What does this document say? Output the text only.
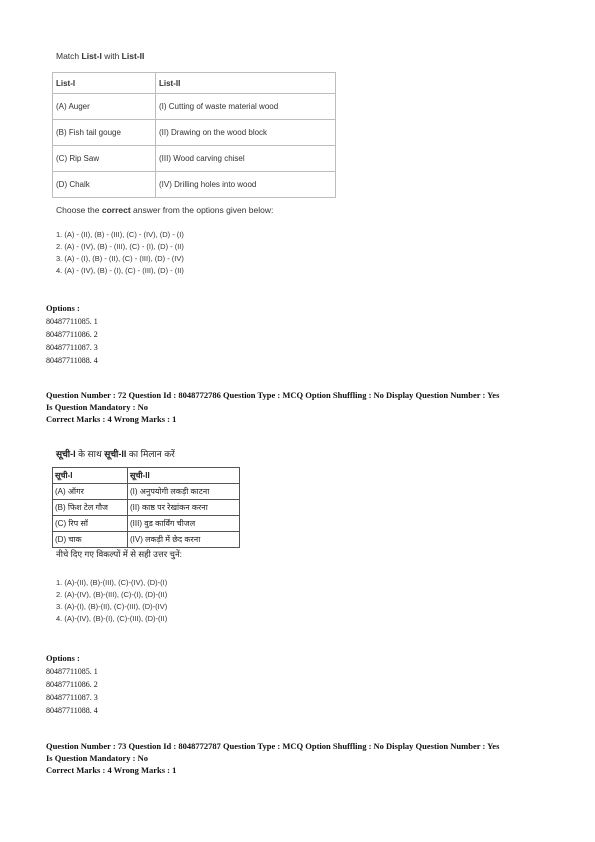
Match List-I with List-II
List-I	List-II
(A) Auger	(I) Cutting of waste material wood
(B) Fish tail gouge	(II) Drawing on the wood block
(C) Rip Saw	(III) Wood carving chisel
(D) Chalk	(IV) Drilling holes into wood
Choose the correct answer from the options given below:
1. (A) - (II), (B) - (III), (C) - (IV), (D) - (I)
2. (A) - (IV), (B) - (III), (C) - (I), (D) - (II)
3. (A) - (I), (B) - (II), (C) - (III), (D) - (IV)
4. (A) - (IV), (B) - (I), (C) - (III), (D) - (II)
Options :
80487711085. 1
80487711086. 2
80487711087. 3
80487711088. 4
Question Number : 72 Question Id : 8048772786 Question Type : MCQ Option Shuffling : No Display Question Number : Yes
Is Question Mandatory : No
Correct Marks : 4 Wrong Marks : 1
सूची-I के साथ सूची-II का मिलान करें
सूची-I	सूची-II
(A) ऑगर	(I) अनुपयोगी लकड़ी काटना
(B) फिश टेल गौज	(II) काष्ठ पर रेखांकन करना
(C) रिप सॉ	(III) वुड कार्विंग चीजल
(D) चाक	(IV) लकड़ी में छेद करना
नीचे दिए गए विकल्पों में से सही उत्तर चुनें:
1. (A)-(II), (B)-(III), (C)-(IV), (D)-(I)
2. (A)-(IV), (B)-(III), (C)-(I), (D)-(II)
3. (A)-(I), (B)-(II), (C)-(III), (D)-(IV)
4. (A)-(IV), (B)-(I), (C)-(III), (D)-(II)
Options :
80487711085. 1
80487711086. 2
80487711087. 3
80487711088. 4
Question Number : 73 Question Id : 8048772787 Question Type : MCQ Option Shuffling : No Display Question Number : Yes
Is Question Mandatory : No
Correct Marks : 4 Wrong Marks : 1
